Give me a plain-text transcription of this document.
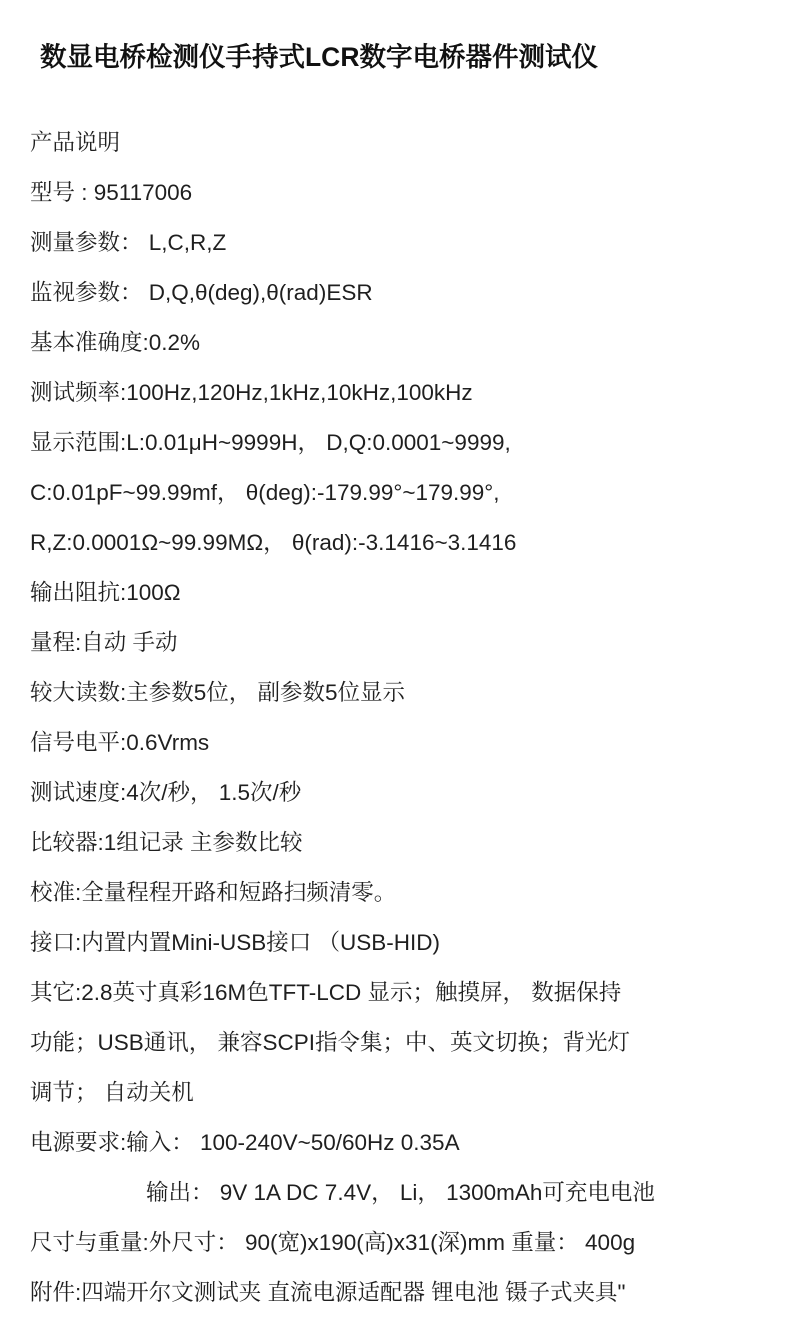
数显电桥检测仪手持式LCR数字电桥器件测试仪
产品说明
型号 : 95117006
测量参数： L,C,R,Z
监视参数： D,Q,θ(deg),θ(rad)ESR
基本准确度:0.2%
测试频率:100Hz,120Hz,1kHz,10kHz,100kHz
显示范围:L:0.01μH~9999H， D,Q:0.0001~9999,
C:0.01pF~99.99mf， θ(deg):-179.99°~179.99°,
R,Z:0.0001Ω~99.99MΩ， θ(rad):-3.1416~3.1416
输出阻抗:100Ω
量程:自动 手动
较大读数:主参数5位， 副参数5位显示
信号电平:0.6Vrms
测试速度:4次/秒， 1.5次/秒
比较器:1组记录 主参数比较
校准:全量程程开路和短路扫频清零。
接口:内置内置Mini-USB接口 （USB-HID)
其它:2.8英寸真彩16M色TFT-LCD 显示；触摸屏， 数据保持
功能；USB通讯， 兼容SCPI指令集；中、英文切换；背光灯
调节； 自动关机
电源要求:输入： 100-240V~50/60Hz 0.35A
输出： 9V 1A DC 7.4V， Li， 1300mAh可充电电池
尺寸与重量:外尺寸： 90(宽)x190(高)x31(深)mm 重量： 400g
附件:四端开尔文测试夹 直流电源适配器 锂电池 镊子式夹具"
